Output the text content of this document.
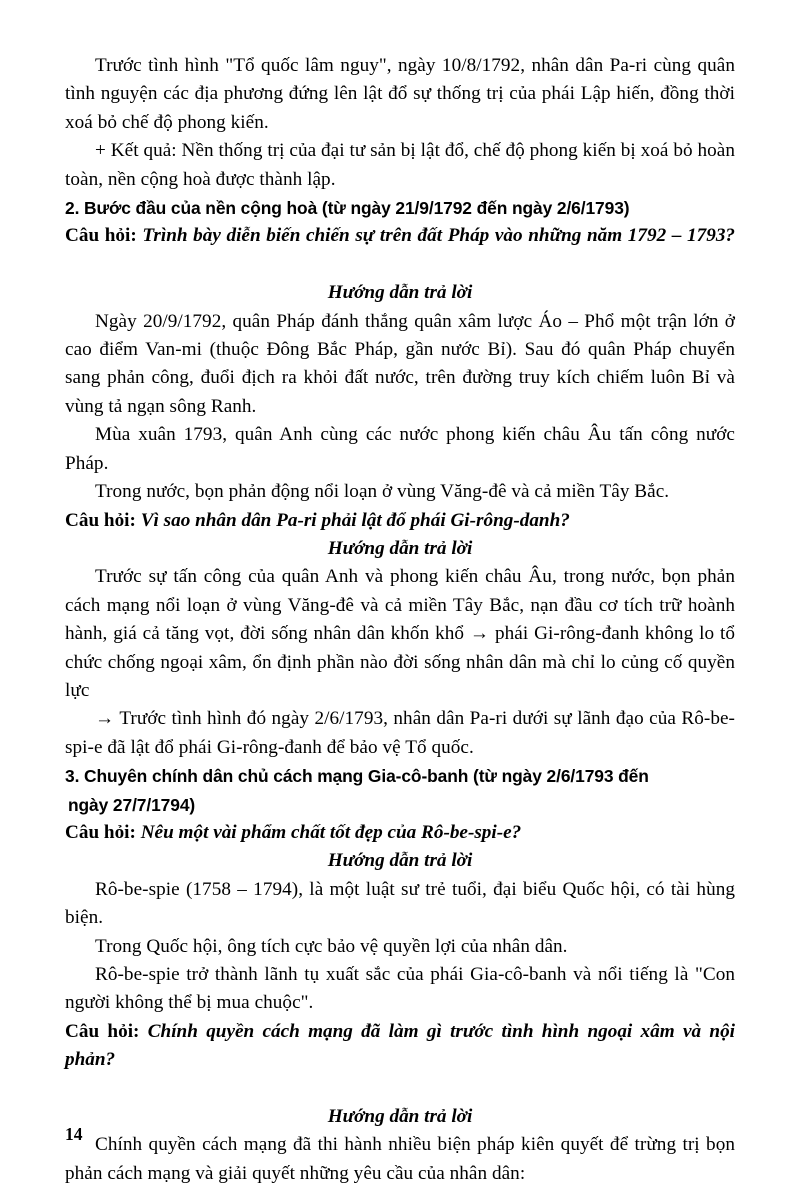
Trước tình hình "Tổ quốc lâm nguy", ngày 10/8/1792, nhân dân Pa-ri cùng quân tình nguyện các địa phương đứng lên lật đổ sự thống trị của phái Lập hiến, đồng thời xoá bỏ chế độ phong kiến.

+ Kết quả: Nền thống trị của đại tư sản bị lật đổ, chế độ phong kiến bị xoá bỏ hoàn toàn, nền cộng hoà được thành lập.

2. Bước đầu của nền cộng hoà (từ ngày 21/9/1792 đến ngày 2/6/1793)

Câu hỏi: Trình bày diễn biến chiến sự trên đất Pháp vào những năm 1792 – 1793?

Hướng dẫn trả lời

Ngày 20/9/1792, quân Pháp đánh thắng quân xâm lược Áo – Phổ một trận lớn ở cao điểm Van-mi (thuộc Đông Bắc Pháp, gần nước Bỉ). Sau đó quân Pháp chuyển sang phản công, đuổi địch ra khỏi đất nước, trên đường truy kích chiếm luôn Bỉ và vùng tả ngạn sông Ranh.

Mùa xuân 1793, quân Anh cùng các nước phong kiến châu Âu tấn công nước Pháp.

Trong nước, bọn phản động nổi loạn ở vùng Văng-đê và cả miền Tây Bắc.

Câu hỏi: Vì sao nhân dân Pa-ri phải lật đổ phái Gi-rông-danh?

Hướng dẫn trả lời

Trước sự tấn công của quân Anh và phong kiến châu Âu, trong nước, bọn phản cách mạng nổi loạn ở vùng Văng-đê và cả miền Tây Bắc, nạn đầu cơ tích trữ hoành hành, giá cả tăng vọt, đời sống nhân dân khốn khổ → phái Gi-rông-đanh không lo tổ chức chống ngoại xâm, ổn định phần nào đời sống nhân dân mà chỉ lo củng cố quyền lực

→ Trước tình hình đó ngày 2/6/1793, nhân dân Pa-ri dưới sự lãnh đạo của Rô-be-spi-e đã lật đổ phái Gi-rông-đanh để bảo vệ Tổ quốc.

3. Chuyên chính dân chủ cách mạng Gia-cô-banh (từ ngày 2/6/1793 đến
ngày 27/7/1794)

Câu hỏi: Nêu một vài phẩm chất tốt đẹp của Rô-be-spi-e?

Hướng dẫn trả lời

Rô-be-spie (1758 – 1794), là một luật sư trẻ tuổi, đại biểu Quốc hội, có tài hùng biện.

Trong Quốc hội, ông tích cực bảo vệ quyền lợi của nhân dân.

Rô-be-spie trở thành lãnh tụ xuất sắc của phái Gia-cô-banh và nổi tiếng là "Con người không thể bị mua chuộc".

Câu hỏi: Chính quyền cách mạng đã làm gì trước tình hình ngoại xâm và nội phản?

Hướng dẫn trả lời

Chính quyền cách mạng đã thi hành nhiều biện pháp kiên quyết để trừng trị bọn phản cách mạng và giải quyết những yêu cầu của nhân dân:

14
